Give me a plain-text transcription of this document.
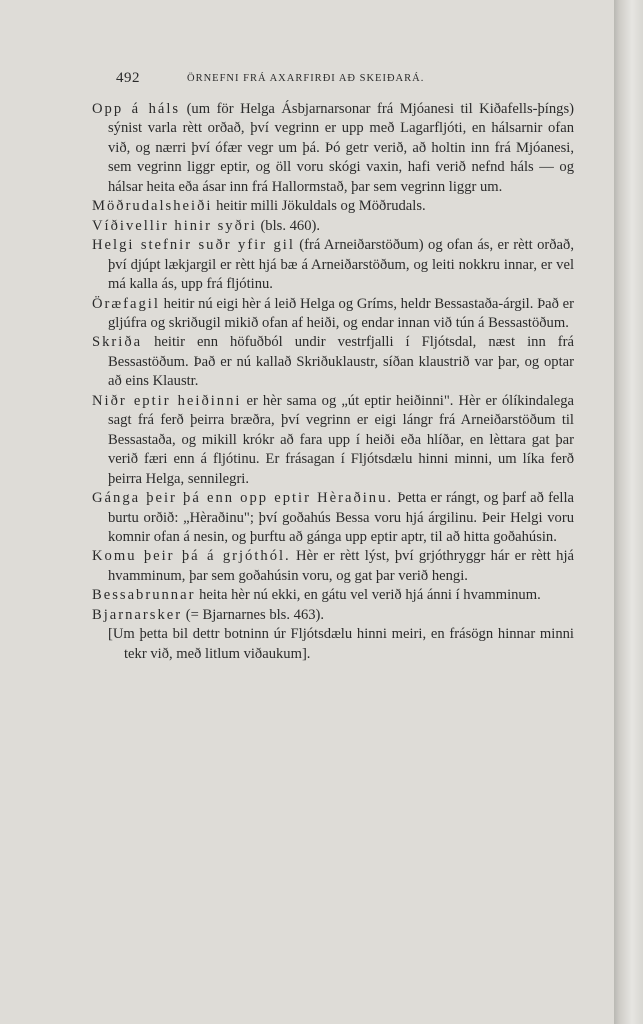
492	ÖRNEFNI FRÁ AXARFIRÐI AÐ SKEIÐARÁ.

Opp á háls (um för Helga Ásbjarnarsonar frá Mjóanesi til Kiðafells-þíngs) sýnist varla rètt orðað, því vegrinn er upp með Lagarfljóti, en hálsarnir ofan við, og nærri því ófær vegr um þá. Þó getr verið, að holtin inn frá Mjóanesi, sem vegrinn liggr eptir, og öll voru skógi vaxin, hafi verið nefnd háls — og hálsar heita eða ásar inn frá Hallormstað, þar sem vegrinn liggr um.

Möðrudalsheiði heitir milli Jökuldals og Möðrudals.

Víðivellir hinir syðri (bls. 460).

Helgi stefnir suðr yfir gil (frá Arneiðarstöðum) og ofan ás, er rètt orðað, því djúpt lækjargil er rètt hjá bæ á Arneiðarstöðum, og leiti nokkru innar, er vel má kalla ás, upp frá fljótinu.

Öræfagil heitir nú eigi hèr á leið Helga og Gríms, heldr Bessastaða-árgil. Það er gljúfra og skriðugil mikið ofan af heiði, og endar innan við tún á Bessastöðum.

Skriða heitir enn höfuðból undir vestrfjalli í Fljótsdal, næst inn frá Bessastöðum. Það er nú kallað Skriðuklaustr, síðan klaustrið var þar, og optar að eins Klaustr.

Niðr eptir heiðinni er hèr sama og „út eptir heiðinni". Hèr er ólíkindalega sagt frá ferð þeirra bræðra, því vegrinn er eigi lángr frá Arneiðarstöðum til Bessastaða, og mikill krókr að fara upp í heiði eða hlíðar, en lèttara gat þar verið færi enn á fljótinu. Er frásagan í Fljótsdælu hinni minni, um líka ferð þeirra Helga, sennilegri.

Gánga þeir þá enn opp eptir Hèraðinu. Þetta er rángt, og þarf að fella burtu orðið: „Hèraðinu"; því goðahús Bessa voru hjá árgilinu. Þeir Helgi voru komnir ofan á nesin, og þurftu að gánga upp eptir aptr, til að hitta goðahúsin.

Komu þeir þá á grjóthól. Hèr er rètt lýst, því grjóthryggr hár er rètt hjá hvamminum, þar sem goðahúsin voru, og gat þar verið hengi.

Bessabrunnar heita hèr nú ekki, en gátu vel verið hjá ánni í hvamminum.

Bjarnarsker (= Bjarnarnes bls. 463).

[Um þetta bil dettr botninn úr Fljótsdælu hinni meiri, en frásögn hinnar minni tekr við, með litlum viðaukum].
